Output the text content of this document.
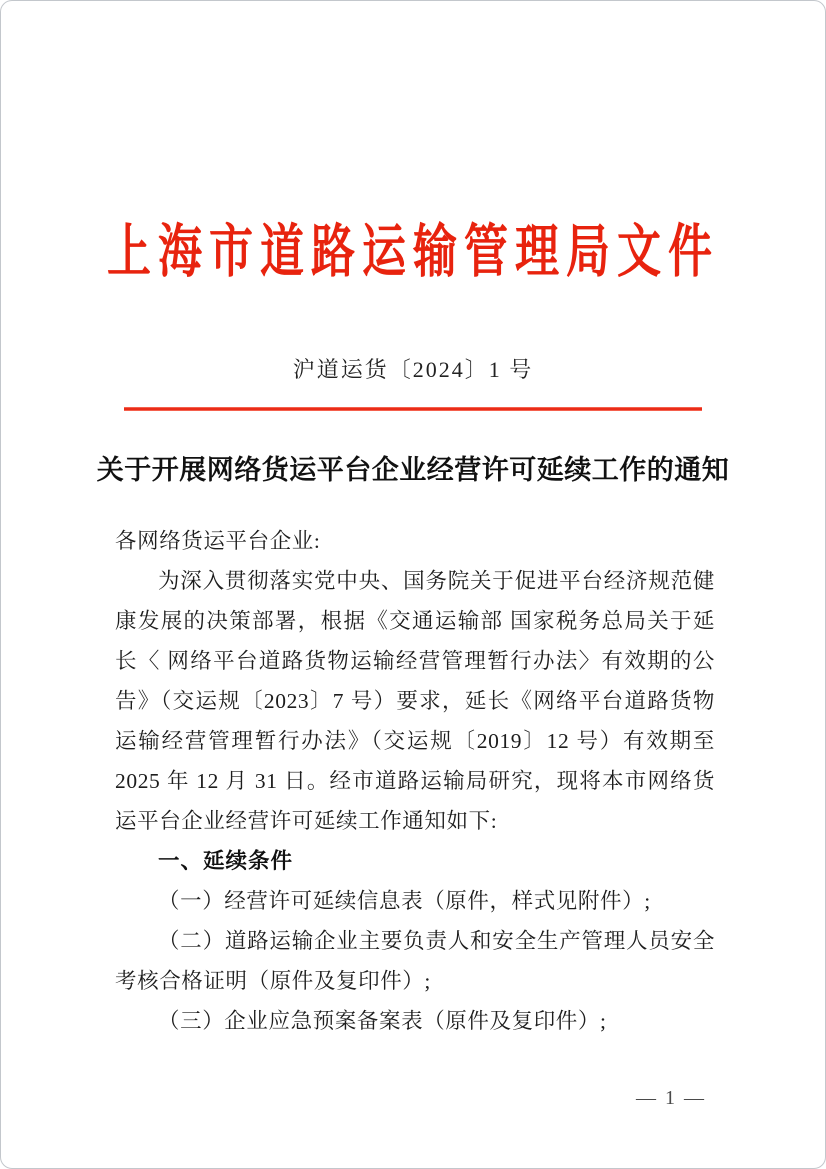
上海市道路运输管理局文件
沪道运货〔2024〕1 号
关于开展网络货运平台企业经营许可延续工作的通知

各网络货运平台企业:

为深入贯彻落实党中央、国务院关于促进平台经济规范健康发展的决策部署，根据《交通运输部 国家税务总局关于延长〈 网络平台道路货物运输经营管理暂行办法〉有效期的公告》（交运规〔2023〕7 号）要求，延长《网络平台道路货物运输经营管理暂行办法》（交运规〔2019〕12 号）有效期至 2025 年 12 月 31 日。经市道路运输局研究，现将本市网络货运平台企业经营许可延续工作通知如下:

一、延续条件

（一）经营许可延续信息表（原件，样式见附件）;

（二）道路运输企业主要负责人和安全生产管理人员安全考核合格证明（原件及复印件）;

（三）企业应急预案备案表（原件及复印件）;

— 1 —
